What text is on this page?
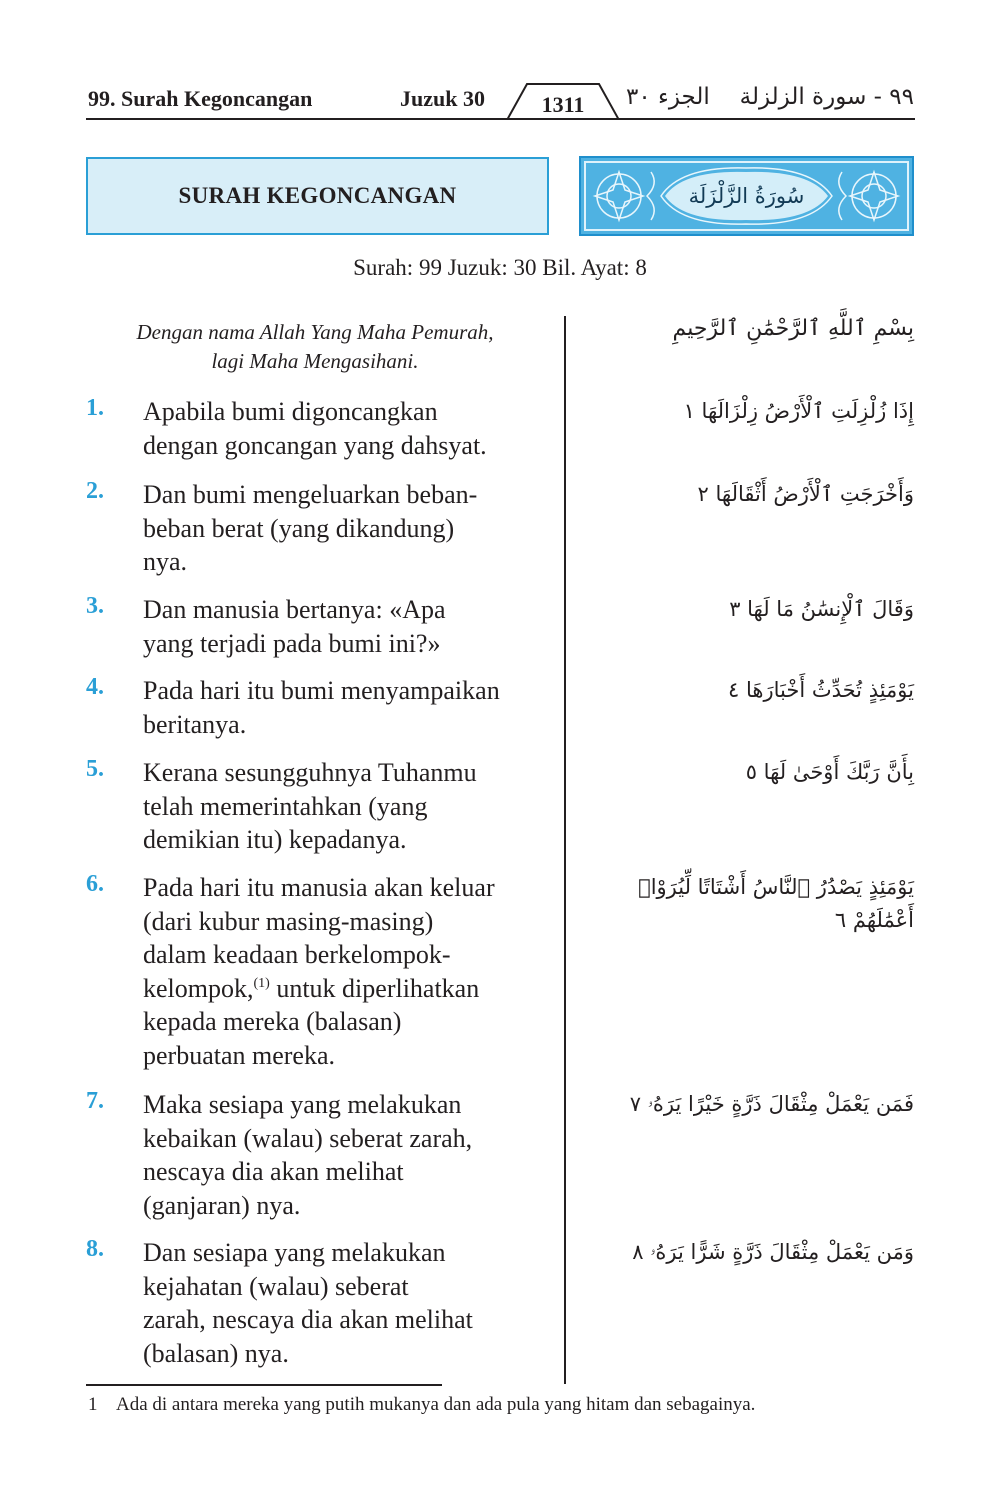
99. Surah Kegoncangan	Juzuk 30	1311	الجزء ٣٠ ٩٩ - سورة الزلزلة
SURAH KEGONCANGAN	سُورَةُ الزَّلْزَلَة
Surah: 99 Juzuk: 30 Bil. Ayat: 8
Dengan nama Allah Yang Maha Pemurah,
lagi Maha Mengasihani.
بِسْمِ ٱللَّهِ ٱلرَّحْمَٰنِ ٱلرَّحِيمِ
1.	Apabila bumi digoncangkan
dengan goncangan yang dahsyat.
إِذَا زُلْزِلَتِ ٱلْأَرْضُ زِلْزَالَهَا ١
2.	Dan bumi mengeluarkan beban-
beban berat (yang dikandung)
nya.
وَأَخْرَجَتِ ٱلْأَرْضُ أَثْقَالَهَا ٢
3.	Dan manusia bertanya: «Apa
yang terjadi pada bumi ini?»
وَقَالَ ٱلْإِنسَٰنُ مَا لَهَا ٣
4.	Pada hari itu bumi menyampaikan
beritanya.
يَوْمَئِذٍ تُحَدِّثُ أَخْبَارَهَا ٤
5.	Kerana sesungguhnya Tuhanmu
telah memerintahkan (yang
demikian itu) kepadanya.
بِأَنَّ رَبَّكَ أَوْحَىٰ لَهَا ٥
6.	Pada hari itu manusia akan keluar
(dari kubur masing-masing)
dalam keadaan berkelompok-
kelompok,$^{(1)}$ untuk diperlihatkan
kepada mereka (balasan)
perbuatan mereka.
يَوْمَئِذٍ يَصْدُرُ ٱلنَّاسُ أَشْتَاتًا لِّيُرَوْا۟ أَعْمَٰلَهُمْ ٦
7.	Maka sesiapa yang melakukan
kebaikan (walau) seberat zarah,
nescaya dia akan melihat
(ganjaran) nya.
فَمَن يَعْمَلْ مِثْقَالَ ذَرَّةٍ خَيْرًا يَرَهُۥ ٧
8.	Dan sesiapa yang melakukan
kejahatan (walau) seberat
zarah, nescaya dia akan melihat
(balasan) nya.
وَمَن يَعْمَلْ مِثْقَالَ ذَرَّةٍ شَرًّا يَرَهُۥ ٨
1 Ada di antara mereka yang putih mukanya dan ada pula yang hitam dan sebagainya.
